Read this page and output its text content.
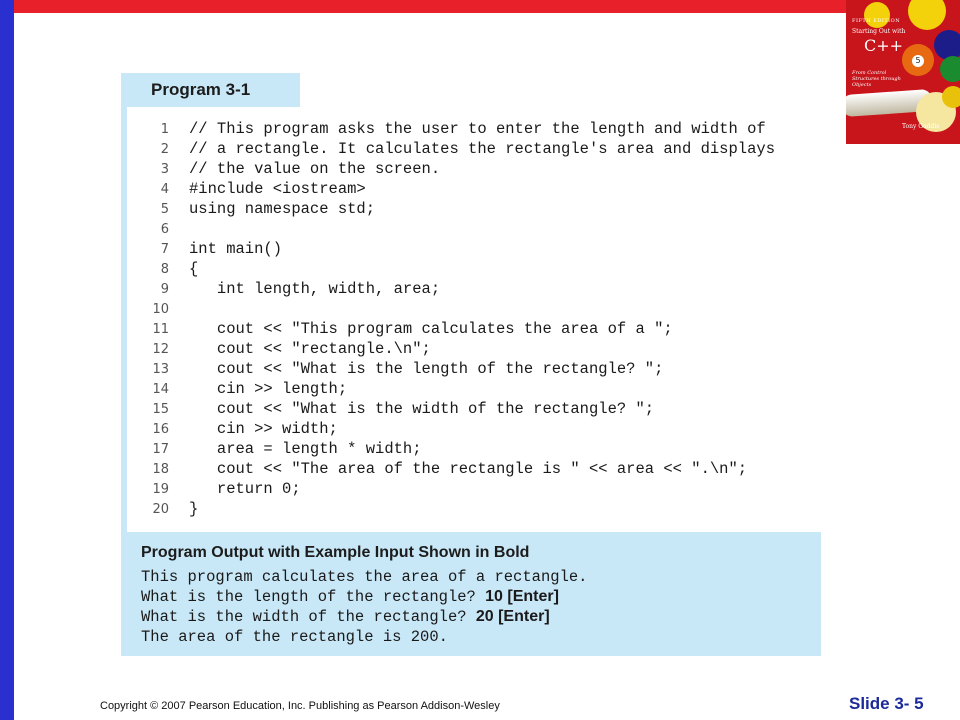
5
FIFTH EDITION
Starting Out with
C++
From Control Structures through Objects
Tony Gaddis
Program 3-1
1 // This program asks the user to enter the length and width of
2 // a rectangle. It calculates the rectangle's area and displays
3 // the value on the screen.
4 #include <iostream>
5 using namespace std;
6
7 int main()
8 {
9 int length, width, area;
10
11 cout << "This program calculates the area of a ";
12 cout << "rectangle.\n";
13 cout << "What is the length of the rectangle? ";
14 cin >> length;
15 cout << "What is the width of the rectangle? ";
16 cin >> width;
17 area = length * width;
18 cout << "The area of the rectangle is " << area << ".\n";
19 return 0;
20 }
Program Output with Example Input Shown in Bold
This program calculates the area of a rectangle.
What is the length of the rectangle? 10 [Enter]
What is the width of the rectangle? 20 [Enter]
The area of the rectangle is 200.
Copyright © 2007 Pearson Education, Inc. Publishing as Pearson Addison-Wesley	Slide 3- 5
